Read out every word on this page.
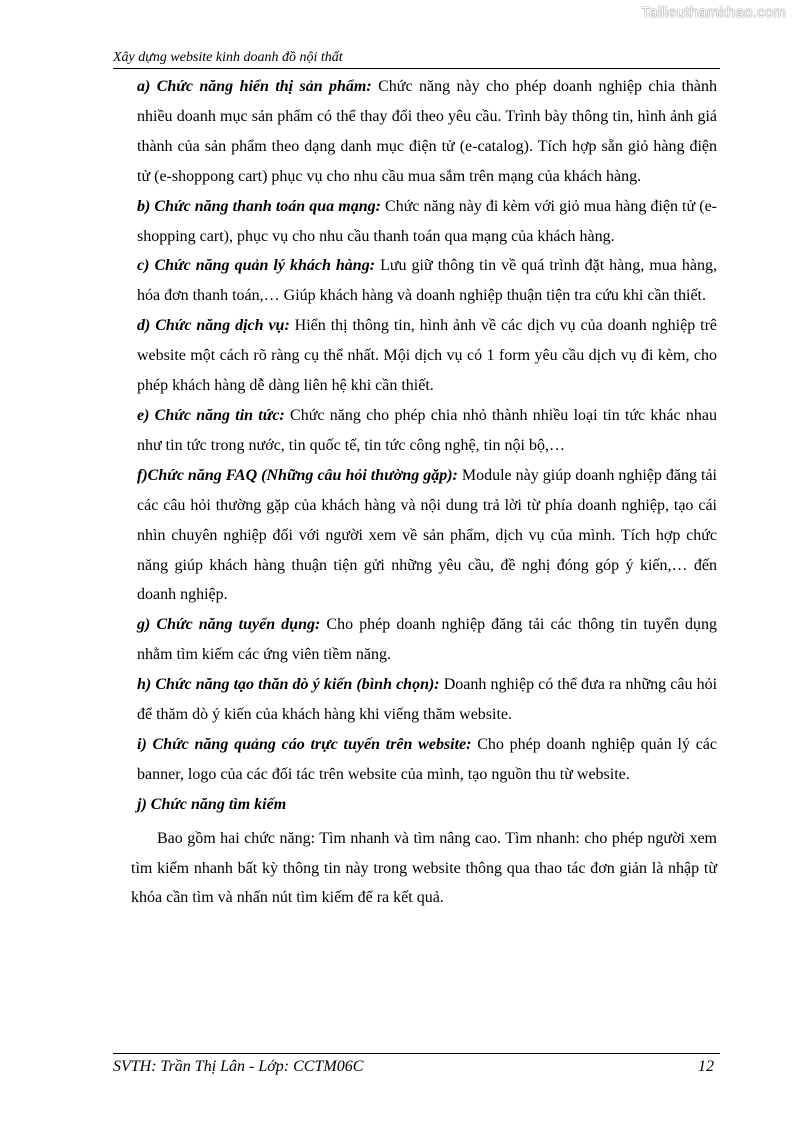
Tailieuthamkhao.com
Xây dựng website kinh doanh đồ nội thất

a) Chức năng hiển thị sản phẩm: Chức năng này cho phép doanh nghiệp chia thành nhiều doanh mục sản phẩm có thể thay đổi theo yêu cầu. Trình bày thông tin, hình ảnh giá thành của sản phẩm theo dạng danh mục điện tử (e-catalog). Tích hợp sẵn giỏ hàng điện tử (e-shoppong cart) phục vụ cho nhu cầu mua sắm trên mạng của khách hàng.

b) Chức năng thanh toán qua mạng: Chức năng này đi kèm với giỏ mua hàng điện tử (e-shopping cart), phục vụ cho nhu cầu thanh toán qua mạng của khách hàng.

c) Chức năng quản lý khách hàng: Lưu giữ thông tin về quá trình đặt hàng, mua hàng, hóa đơn thanh toán,… Giúp khách hàng và doanh nghiệp thuận tiện tra cứu khi cần thiết.

d) Chức năng dịch vụ: Hiển thị thông tin, hình ảnh về các dịch vụ của doanh nghiệp trê website một cách rõ ràng cụ thể nhất. Mội dịch vụ có 1 form yêu cầu dịch vụ đi kèm, cho phép khách hàng dễ dàng liên hệ khi cần thiết.

e) Chức năng tin tức: Chức năng cho phép chia nhỏ thành nhiều loại tin tức khác nhau như tin tức trong nước, tin quốc tế, tin tức công nghệ, tin nội bộ,…

f)Chức năng FAQ (Những câu hỏi thường gặp): Module này giúp doanh nghiệp đăng tải các câu hỏi thường gặp của khách hàng và nội dung trả lời từ phía doanh nghiệp, tạo cái nhìn chuyên nghiệp đối với người xem về sản phẩm, dịch vụ của mình. Tích hợp chức năng giúp khách hàng thuận tiện gửi những yêu cầu, đề nghị đóng góp ý kiến,… đến doanh nghiệp.

g) Chức năng tuyển dụng: Cho phép doanh nghiệp đăng tải các thông tin tuyển dụng nhằm tìm kiếm các ứng viên tiềm năng.

h) Chức năng tạo thăn dò ý kiến (bình chọn): Doanh nghiệp có thể đưa ra những câu hỏi để thăm dò ý kiến của khách hàng khi viếng thăm website.

i) Chức năng quảng cáo trực tuyến trên website: Cho phép doanh nghiệp quản lý các banner, logo của các đối tác trên website của mình, tạo nguồn thu từ website.

j) Chức năng tìm kiếm

Bao gồm hai chức năng: Tìm nhanh và tìm nâng cao. Tìm nhanh: cho phép người xem tìm kiếm nhanh bất kỳ thông tin này trong website thông qua thao tác đơn giản là nhập từ khóa cần tìm và nhấn nút tìm kiếm để ra kết quả.

SVTH: Trần Thị Lân - Lớp: CCTM06C	12
